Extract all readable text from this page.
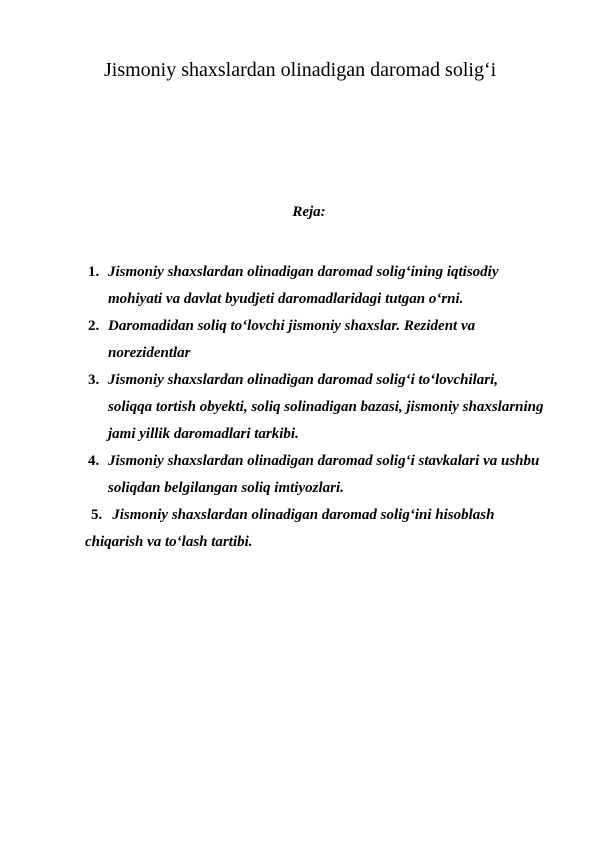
Jismoniy shaxslardan olinadigan daromad solig‘i
Reja:
1. Jismoniy shaxslardan olinadigan daromad solig‘ining iqtisodiy mohiyati va davlat byudjeti daromadlaridagi tutgan o‘rni.
2. Daromadidan soliq to‘lovchi jismoniy shaxslar. Rezident va norezidentlar
3. Jismoniy shaxslardan olinadigan daromad solig‘i to‘lovchilari, soliqqa tortish obyekti, soliq solinadigan bazasi, jismoniy shaxslarning jami yillik daromadlari tarkibi.
4. Jismoniy shaxslardan olinadigan daromad solig‘i stavkalari va ushbu soliqdan belgilangan soliq imtiyozlari.
5. Jismoniy shaxslardan olinadigan daromad solig‘ini hisoblash chiqarish va to‘lash tartibi.
